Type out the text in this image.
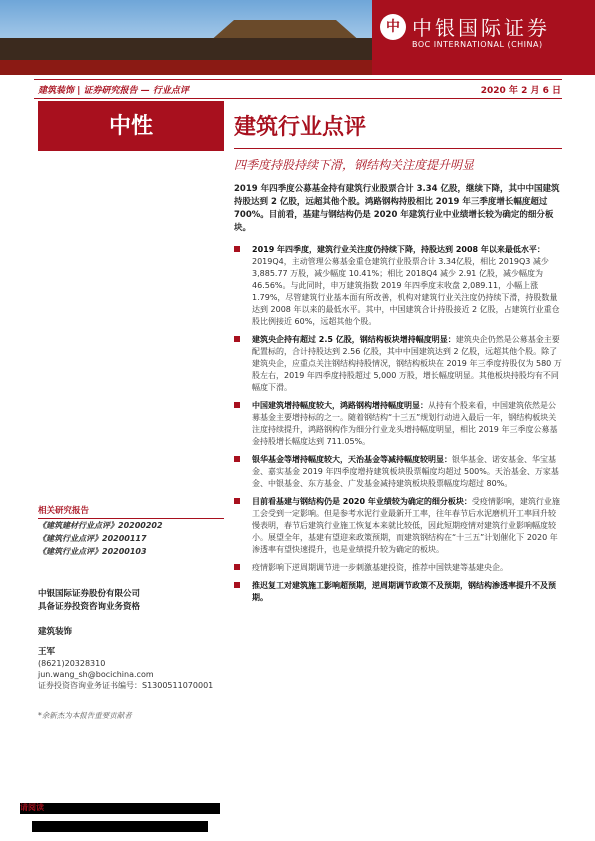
中 中银国际证券
BOC INTERNATIONAL (CHINA)
建筑装饰 | 证券研究报告 — 行业点评	2020 年 2 月 6 日
中性	建筑行业点评
四季度持股持续下滑，钢结构关注度提升明显
2019 年四季度公募基金持有建筑行业股票合计 3.34 亿股，继续下降，其中中国建筑持股达到 2 亿股，远超其他个股。鸿路钢构持股相比 2019 年三季度增长幅度超过 700%。目前看，基建与钢结构仍是 2020 年建筑行业中业绩增长较为确定的细分板块。
2019 年四季度，建筑行业关注度仍持续下降，持股达到 2008 年以来最低水平：2019Q4，主动管理公募基金重仓建筑行业股票合计 3.34亿股，相比 2019Q3 减少 3,885.77 万股，减少幅度 10.41%；相比 2018Q4 减少 2.91 亿股，减少幅度为 46.56%。与此同时，申万建筑指数 2019 年四季度末收盘 2,089.11，小幅上涨 1.79%，尽管建筑行业基本面有所改善，机构对建筑行业关注度仍持续下滑，持股数量达到 2008 年以来的最低水平。其中，中国建筑合计持股接近 2 亿股，占建筑行业重仓股比例接近 60%，远超其他个股。
建筑央企持有超过 2.5 亿股，钢结构板块增持幅度明显：建筑央企仍然是公募基金主要配置标的，合计持股达到 2.56 亿股，其中中国建筑达到 2 亿股，远超其他个股。除了建筑央企，应重点关注钢结构持股情况，钢结构板块在 2019 年三季度持股仅为 580 万股左右，2019 年四季度持股超过 5,000 万股，增长幅度明显。其他板块持股均有不同幅度下滑。
中国建筑增持幅度较大，鸿路钢构增持幅度明显：从持有个股来看，中国建筑依然是公募基金主要增持标的之一。随着钢结构“十三五”规划行动进入最后一年，钢结构板块关注度持续提升，鸿路钢构作为细分行业龙头增持幅度明显，相比 2019 年三季度公募基金持股增长幅度达到 711.05%。
银华基金等增持幅度较大，天治基金等减持幅度较明显：银华基金、诺安基金、华宝基金、嘉实基金 2019 年四季度增持建筑板块股票幅度均超过 500%。天治基金、万家基金、中银基金、东方基金、广发基金减持建筑板块股票幅度均超过 80%。
目前看基建与钢结构仍是 2020 年业绩较为确定的细分板块：受疫情影响，建筑行业施工会受到一定影响。但是参考水泥行业最新开工率，往年春节后水泥磨机开工率回升较慢表明，春节后建筑行业施工恢复本来就比较低，因此短期疫情对建筑行业影响幅度较小。展望全年，基建有望迎来政策预期，而建筑钢结构在“十三五”计划催化下 2020 年渗透率有望快速提升，也是业绩提升较为确定的板块。
疫情影响下逆周期调节进一步刺激基建投资，推荐中国铁建等基建央企。
推迟复工对建筑施工影响超预期，逆周期调节政策不及预期，钢结构渗透率提升不及预期。
相关研究报告
《建筑建材行业点评》20200202
《建筑行业点评》20200117
《建筑行业点评》20200103
中银国际证券股份有限公司
具备证券投资咨询业务资格
建筑装饰
王军
(8621)20328310
jun.wang_sh@bocichina.com
证券投资咨询业务证书编号：S1300511070001
*余新杰为本报告重要贡献者
请阅读
